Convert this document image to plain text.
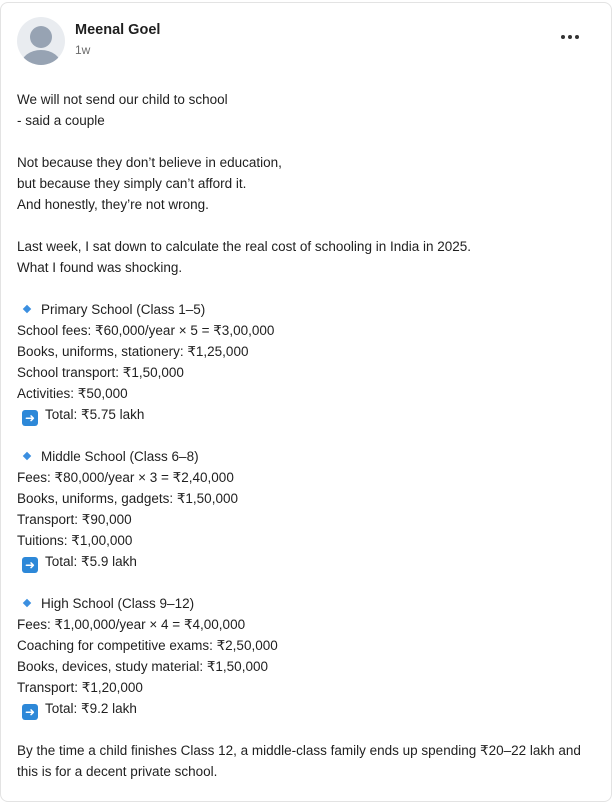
Meenal Goel
1w
We will not send our child to school
- said a couple
Not because they don’t believe in education,
but because they simply can’t afford it.
And honestly, they’re not wrong.
Last week, I sat down to calculate the real cost of schooling in India in 2025.
What I found was shocking.
Primary School (Class 1–5)
School fees: ₹60,000/year × 5 = ₹3,00,000
Books, uniforms, stationery: ₹1,25,000
School transport: ₹1,50,000
Activities: ₹50,000
➜ Total: ₹5.75 lakh
Middle School (Class 6–8)
Fees: ₹80,000/year × 3 = ₹2,40,000
Books, uniforms, gadgets: ₹1,50,000
Transport: ₹90,000
Tuitions: ₹1,00,000
➜ Total: ₹5.9 lakh
High School (Class 9–12)
Fees: ₹1,00,000/year × 4 = ₹4,00,000
Coaching for competitive exams: ₹2,50,000
Books, devices, study material: ₹1,50,000
Transport: ₹1,20,000
➜ Total: ₹9.2 lakh
By the time a child finishes Class 12, a middle-class family ends up spending ₹20–22 lakh and this is for a decent private school.
